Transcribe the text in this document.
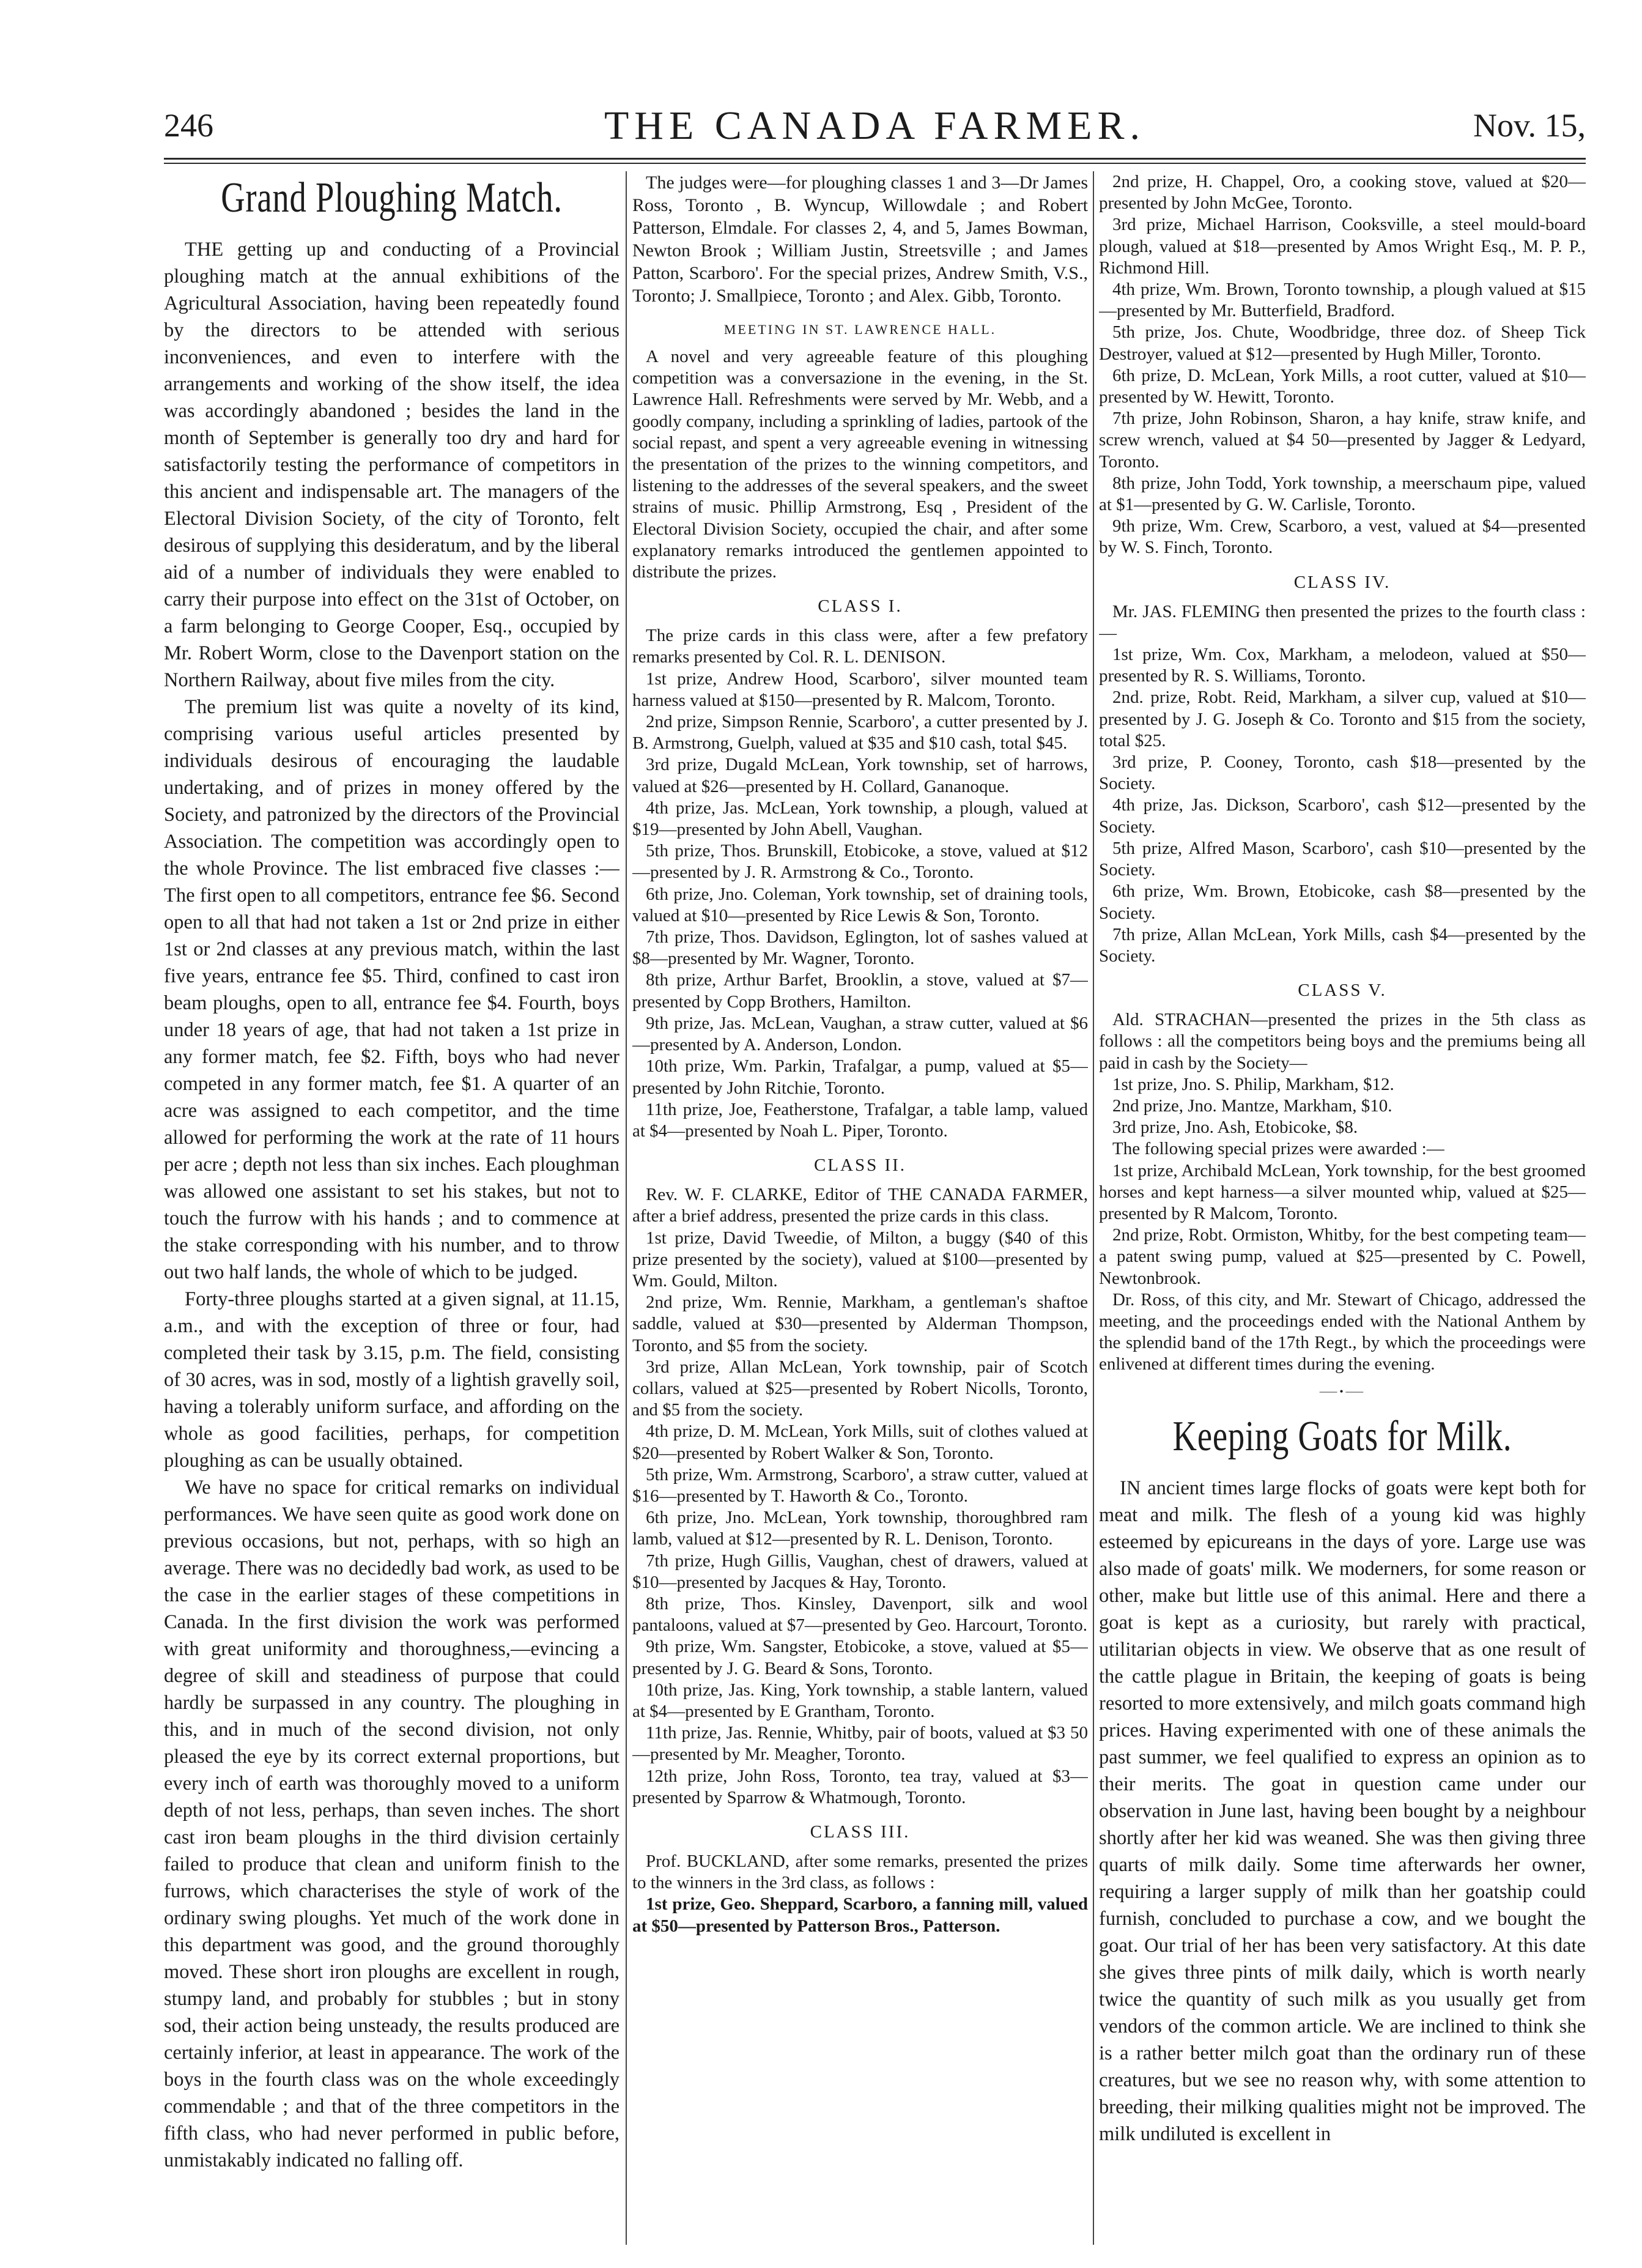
246	THE CANADA FARMER.	Nov. 15,
Grand Ploughing Match.

THE getting up and conducting of a Provincial ploughing match at the annual exhibitions of the Agricultural Association, having been repeatedly found by the directors to be attended with serious inconveniences, and even to interfere with the arrangements and working of the show itself, the idea was accordingly abandoned ; besides the land in the month of September is generally too dry and hard for satisfactorily testing the performance of competitors in this ancient and indispensable art. The managers of the Electoral Division Society, of the city of Toronto, felt desirous of supplying this desideratum, and by the liberal aid of a number of individuals they were enabled to carry their purpose into effect on the 31st of October, on a farm belonging to George Cooper, Esq., occupied by Mr. Robert Worm, close to the Davenport station on the Northern Railway, about five miles from the city.

The premium list was quite a novelty of its kind, comprising various useful articles presented by individuals desirous of encouraging the laudable undertaking, and of prizes in money offered by the Society, and patronized by the directors of the Provincial Association. The competition was accordingly open to the whole Province. The list embraced five classes :—The first open to all competitors, entrance fee $6. Second open to all that had not taken a 1st or 2nd prize in either 1st or 2nd classes at any previous match, within the last five years, entrance fee $5. Third, confined to cast iron beam ploughs, open to all, entrance fee $4. Fourth, boys under 18 years of age, that had not taken a 1st prize in any former match, fee $2. Fifth, boys who had never competed in any former match, fee $1. A quarter of an acre was assigned to each competitor, and the time allowed for performing the work at the rate of 11 hours per acre ; depth not less than six inches. Each ploughman was allowed one assistant to set his stakes, but not to touch the furrow with his hands ; and to commence at the stake corresponding with his number, and to throw out two half lands, the whole of which to be judged.

Forty-three ploughs started at a given signal, at 11.15, a.m., and with the exception of three or four, had completed their task by 3.15, p.m. The field, consisting of 30 acres, was in sod, mostly of a lightish gravelly soil, having a tolerably uniform surface, and affording on the whole as good facilities, perhaps, for competition ploughing as can be usually obtained.

We have no space for critical remarks on individual performances. We have seen quite as good work done on previous occasions, but not, perhaps, with so high an average. There was no decidedly bad work, as used to be the case in the earlier stages of these competitions in Canada. In the first division the work was performed with great uniformity and thoroughness,—evincing a degree of skill and steadiness of purpose that could hardly be surpassed in any country. The ploughing in this, and in much of the second division, not only pleased the eye by its correct external proportions, but every inch of earth was thoroughly moved to a uniform depth of not less, perhaps, than seven inches. The short cast iron beam ploughs in the third division certainly failed to produce that clean and uniform finish to the furrows, which characterises the style of work of the ordinary swing ploughs. Yet much of the work done in this department was good, and the ground thoroughly moved. These short iron ploughs are excellent in rough, stumpy land, and probably for stubbles ; but in stony sod, their action being unsteady, the results produced are certainly inferior, at least in appearance. The work of the boys in the fourth class was on the whole exceedingly commendable ; and that of the three competitors in the fifth class, who had never performed in public before, unmistakably indicated no falling off.

The judges were—for ploughing classes 1 and 3—Dr James Ross, Toronto , B. Wyncup, Willowdale ; and Robert Patterson, Elmdale. For classes 2, 4, and 5, James Bowman, Newton Brook ; William Justin, Streetsville ; and James Patton, Scarboro'. For the special prizes, Andrew Smith, V.S., Toronto; J. Smallpiece, Toronto ; and Alex. Gibb, Toronto.

MEETING IN ST. LAWRENCE HALL.

A novel and very agreeable feature of this ploughing competition was a conversazione in the evening, in the St. Lawrence Hall. Refreshments were served by Mr. Webb, and a goodly company, including a sprinkling of ladies, partook of the social repast, and spent a very agreeable evening in witnessing the presentation of the prizes to the winning competitors, and listening to the addresses of the several speakers, and the sweet strains of music. Phillip Armstrong, Esq , President of the Electoral Division Society, occupied the chair, and after some explanatory remarks introduced the gentlemen appointed to distribute the prizes.

CLASS I.

The prize cards in this class were, after a few prefatory remarks presented by Col. R. L. DENISON.

1st prize, Andrew Hood, Scarboro', silver mounted team harness valued at $150—presented by R. Malcom, Toronto.

2nd prize, Simpson Rennie, Scarboro', a cutter presented by J. B. Armstrong, Guelph, valued at $35 and $10 cash, total $45.

3rd prize, Dugald McLean, York township, set of harrows, valued at $26—presented by H. Collard, Gananoque.

4th prize, Jas. McLean, York township, a plough, valued at $19—presented by John Abell, Vaughan.

5th prize, Thos. Brunskill, Etobicoke, a stove, valued at $12—presented by J. R. Armstrong & Co., Toronto.

6th prize, Jno. Coleman, York township, set of draining tools, valued at $10—presented by Rice Lewis & Son, Toronto.

7th prize, Thos. Davidson, Eglington, lot of sashes valued at $8—presented by Mr. Wagner, Toronto.

8th prize, Arthur Barfet, Brooklin, a stove, valued at $7—presented by Copp Brothers, Hamilton.

9th prize, Jas. McLean, Vaughan, a straw cutter, valued at $6—presented by A. Anderson, London.

10th prize, Wm. Parkin, Trafalgar, a pump, valued at $5—presented by John Ritchie, Toronto.

11th prize, Joe, Featherstone, Trafalgar, a table lamp, valued at $4—presented by Noah L. Piper, Toronto.

CLASS II.

Rev. W. F. CLARKE, Editor of THE CANADA FARMER, after a brief address, presented the prize cards in this class.

1st prize, David Tweedie, of Milton, a buggy ($40 of this prize presented by the society), valued at $100—presented by Wm. Gould, Milton.

2nd prize, Wm. Rennie, Markham, a gentleman's shaftoe saddle, valued at $30—presented by Alderman Thompson, Toronto, and $5 from the society.

3rd prize, Allan McLean, York township, pair of Scotch collars, valued at $25—presented by Robert Nicolls, Toronto, and $5 from the society.

4th prize, D. M. McLean, York Mills, suit of clothes valued at $20—presented by Robert Walker & Son, Toronto.

5th prize, Wm. Armstrong, Scarboro', a straw cutter, valued at $16—presented by T. Haworth & Co., Toronto.

6th prize, Jno. McLean, York township, thoroughbred ram lamb, valued at $12—presented by R. L. Denison, Toronto.

7th prize, Hugh Gillis, Vaughan, chest of drawers, valued at $10—presented by Jacques & Hay, Toronto.

8th prize, Thos. Kinsley, Davenport, silk and wool pantaloons, valued at $7—presented by Geo. Harcourt, Toronto.

9th prize, Wm. Sangster, Etobicoke, a stove, valued at $5—presented by J. G. Beard & Sons, Toronto.

10th prize, Jas. King, York township, a stable lantern, valued at $4—presented by E Grantham, Toronto.

11th prize, Jas. Rennie, Whitby, pair of boots, valued at $3 50—presented by Mr. Meagher, Toronto.

12th prize, John Ross, Toronto, tea tray, valued at $3—presented by Sparrow & Whatmough, Toronto.

CLASS III.

Prof. BUCKLAND, after some remarks, presented the prizes to the winners in the 3rd class, as follows :

1st prize, Geo. Sheppard, Scarboro, a fanning mill, valued at $50—presented by Patterson Bros., Patterson.

2nd prize, H. Chappel, Oro, a cooking stove, valued at $20—presented by John McGee, Toronto.

3rd prize, Michael Harrison, Cooksville, a steel mould-board plough, valued at $18—presented by Amos Wright Esq., M. P. P., Richmond Hill.

4th prize, Wm. Brown, Toronto township, a plough valued at $15—presented by Mr. Butterfield, Bradford.

5th prize, Jos. Chute, Woodbridge, three doz. of Sheep Tick Destroyer, valued at $12—presented by Hugh Miller, Toronto.

6th prize, D. McLean, York Mills, a root cutter, valued at $10—presented by W. Hewitt, Toronto.

7th prize, John Robinson, Sharon, a hay knife, straw knife, and screw wrench, valued at $4 50—presented by Jagger & Ledyard, Toronto.

8th prize, John Todd, York township, a meerschaum pipe, valued at $1—presented by G. W. Carlisle, Toronto.

9th prize, Wm. Crew, Scarboro, a vest, valued at $4—presented by W. S. Finch, Toronto.

CLASS IV.

Mr. JAS. FLEMING then presented the prizes to the fourth class :—

1st prize, Wm. Cox, Markham, a melodeon, valued at $50—presented by R. S. Williams, Toronto.

2nd. prize, Robt. Reid, Markham, a silver cup, valued at $10—presented by J. G. Joseph & Co. Toronto and $15 from the society, total $25.

3rd prize, P. Cooney, Toronto, cash $18—presented by the Society.

4th prize, Jas. Dickson, Scarboro', cash $12—presented by the Society.

5th prize, Alfred Mason, Scarboro', cash $10—presented by the Society.

6th prize, Wm. Brown, Etobicoke, cash $8—presented by the Society.

7th prize, Allan McLean, York Mills, cash $4—presented by the Society.

CLASS V.

Ald. STRACHAN—presented the prizes in the 5th class as follows : all the competitors being boys and the premiums being all paid in cash by the Society—

1st prize, Jno. S. Philip, Markham, $12.

2nd prize, Jno. Mantze, Markham, $10.

3rd prize, Jno. Ash, Etobicoke, $8.

The following special prizes were awarded :—

1st prize, Archibald McLean, York township, for the best groomed horses and kept harness—a silver mounted whip, valued at $25—presented by R Malcom, Toronto.

2nd prize, Robt. Ormiston, Whitby, for the best competing team—a patent swing pump, valued at $25—presented by C. Powell, Newtonbrook.

Dr. Ross, of this city, and Mr. Stewart of Chicago, addressed the meeting, and the proceedings ended with the National Anthem by the splendid band of the 17th Regt., by which the proceedings were enlivened at different times during the evening.

⸺•⸺
Keeping Goats for Milk.

IN ancient times large flocks of goats were kept both for meat and milk. The flesh of a young kid was highly esteemed by epicureans in the days of yore. Large use was also made of goats' milk. We moderners, for some reason or other, make but little use of this animal. Here and there a goat is kept as a curiosity, but rarely with practical, utilitarian objects in view. We observe that as one result of the cattle plague in Britain, the keeping of goats is being resorted to more extensively, and milch goats command high prices. Having experimented with one of these animals the past summer, we feel qualified to express an opinion as to their merits. The goat in question came under our observation in June last, having been bought by a neighbour shortly after her kid was weaned. She was then giving three quarts of milk daily. Some time afterwards her owner, requiring a larger supply of milk than her goatship could furnish, concluded to purchase a cow, and we bought the goat. Our trial of her has been very satisfactory. At this date she gives three pints of milk daily, which is worth nearly twice the quantity of such milk as you usually get from vendors of the common article. We are inclined to think she is a rather better milch goat than the ordinary run of these creatures, but we see no reason why, with some attention to breeding, their milking qualities might not be improved. The milk undiluted is excellent in
